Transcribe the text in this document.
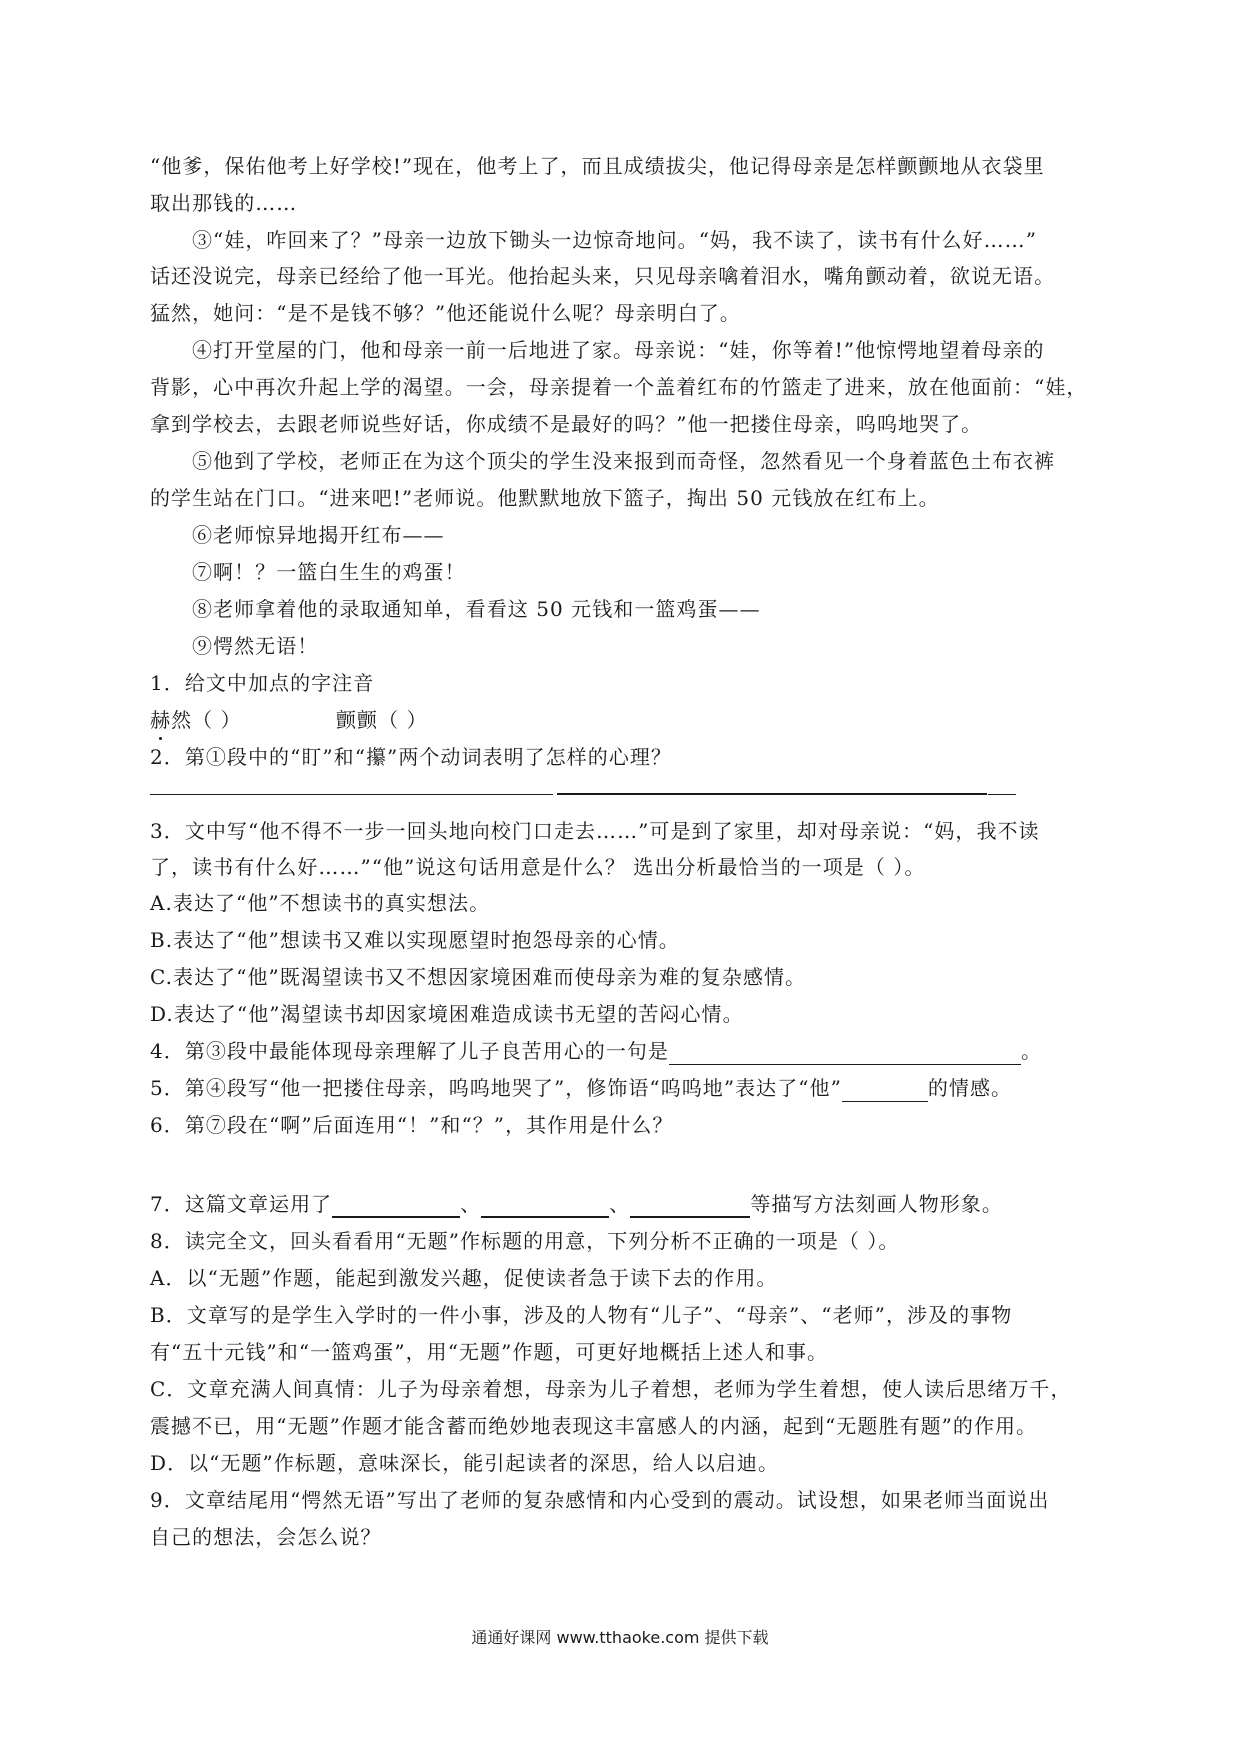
“他爹，保佑他考上好学校!”现在，他考上了，而且成绩拔尖，他记得母亲是怎样颤颤地从衣袋里
取出那钱的……
③“娃，咋回来了？”母亲一边放下锄头一边惊奇地问。“妈，我不读了，读书有什么好……”
话还没说完，母亲已经给了他一耳光。他抬起头来，只见母亲噙着泪水，嘴角颤动着，欲说无语。
猛然，她问：“是不是钱不够？”他还能说什么呢？母亲明白了。
④打开堂屋的门，他和母亲一前一后地进了家。母亲说：“娃，你等着!”他惊愕地望着母亲的
背影，心中再次升起上学的渴望。一会，母亲提着一个盖着红布的竹篮走了进来，放在他面前：“娃，
拿到学校去，去跟老师说些好话，你成绩不是最好的吗？”他一把搂住母亲，呜呜地哭了。
⑤他到了学校，老师正在为这个顶尖的学生没来报到而奇怪，忽然看见一个身着蓝色土布衣裤
的学生站在门口。“进来吧!”老师说。他默默地放下篮子，掏出 50 元钱放在红布上。
⑥老师惊异地揭开红布——
⑦啊！？一篮白生生的鸡蛋！
⑧老师拿着他的录取通知单，看看这 50 元钱和一篮鸡蛋——
⑨愕然无语！
1．给文中加点的字注音
赫然（ ）	颤颤（ ）
2．第①段中的“盯”和“攥”两个动词表明了怎样的心理？
3．文中写“他不得不一步一回头地向校门口走去……”可是到了家里，却对母亲说：“妈，我不读
了，读书有什么好……”“他”说这句话用意是什么？ 选出分析最恰当的一项是（ ）。
A.表达了“他”不想读书的真实想法。
B.表达了“他”想读书又难以实现愿望时抱怨母亲的心情。
C.表达了“他”既渴望读书又不想因家境困难而使母亲为难的复杂感情。
D.表达了“他”渴望读书却因家境困难造成读书无望的苦闷心情。
4．第③段中最能体现母亲理解了儿子良苦用心的一句是	。
5．第④段写“他一把搂住母亲，呜呜地哭了”，修饰语“呜呜地”表达了“他”	的情感。
6．第⑦段在“啊”后面连用“！”和“？”，其作用是什么？
7．这篇文章运用了	、	、	等描写方法刻画人物形象。
8．读完全文，回头看看用“无题”作标题的用意，下列分析不正确的一项是（ ）。
A．以“无题”作题，能起到激发兴趣，促使读者急于读下去的作用。
B．文章写的是学生入学时的一件小事，涉及的人物有“儿子”、“母亲”、“老师”，涉及的事物
有“五十元钱”和“一篮鸡蛋”，用“无题”作题，可更好地概括上述人和事。
C．文章充满人间真情：儿子为母亲着想，母亲为儿子着想，老师为学生着想，使人读后思绪万千，
震撼不已，用“无题”作题才能含蓄而绝妙地表现这丰富感人的内涵，起到“无题胜有题”的作用。
D．以“无题”作标题，意味深长，能引起读者的深思，给人以启迪。
9．文章结尾用“愕然无语”写出了老师的复杂感情和内心受到的震动。试设想，如果老师当面说出
自己的想法，会怎么说？
通通好课网 www.tthaoke.com 提供下载
